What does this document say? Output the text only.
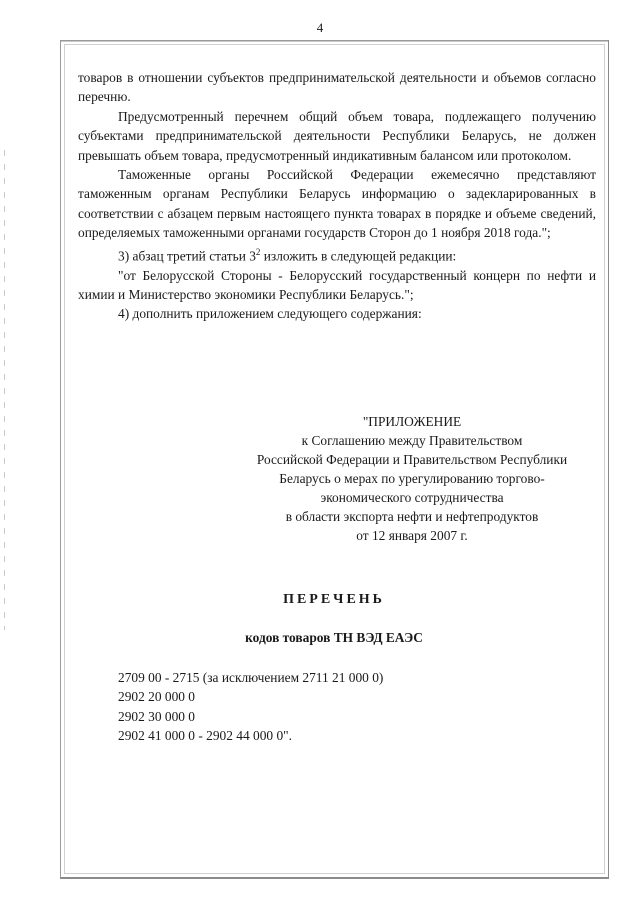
4

товаров в отношении субъектов предпринимательской деятельности и объемов согласно перечню.

Предусмотренный перечнем общий объем товара, подлежащего получению субъектами предпринимательской деятельности Республики Беларусь, не должен превышать объем товара, предусмотренный индикативным балансом или протоколом.

Таможенные органы Российской Федерации ежемесячно представляют таможенным органам Республики Беларусь информацию о задекларированных в соответствии с абзацем первым настоящего пункта товарах в порядке и объеме сведений, определяемых таможенными органами государств Сторон до 1 ноября 2018 года.";

3) абзац третий статьи $3^2$ изложить в следующей редакции:

"от Белорусской Стороны - Белорусский государственный концерн по нефти и химии и Министерство экономики Республики Беларусь.";

4) дополнить приложением следующего содержания:

"ПРИЛОЖЕНИЕ

к Соглашению между Правительством

Российской Федерации и Правительством Республики

Беларусь о мерах по урегулированию торгово-

экономического сотрудничества

в области экспорта нефти и нефтепродуктов

от 12 января 2007 г.

ПЕРЕЧЕНЬ
кодов товаров ТН ВЭД ЕАЭС
2709 00 - 2715 (за исключением 2711 21 000 0)
2902 20 000 0
2902 30 000 0
2902 41 000 0 - 2902 44 000 0".
